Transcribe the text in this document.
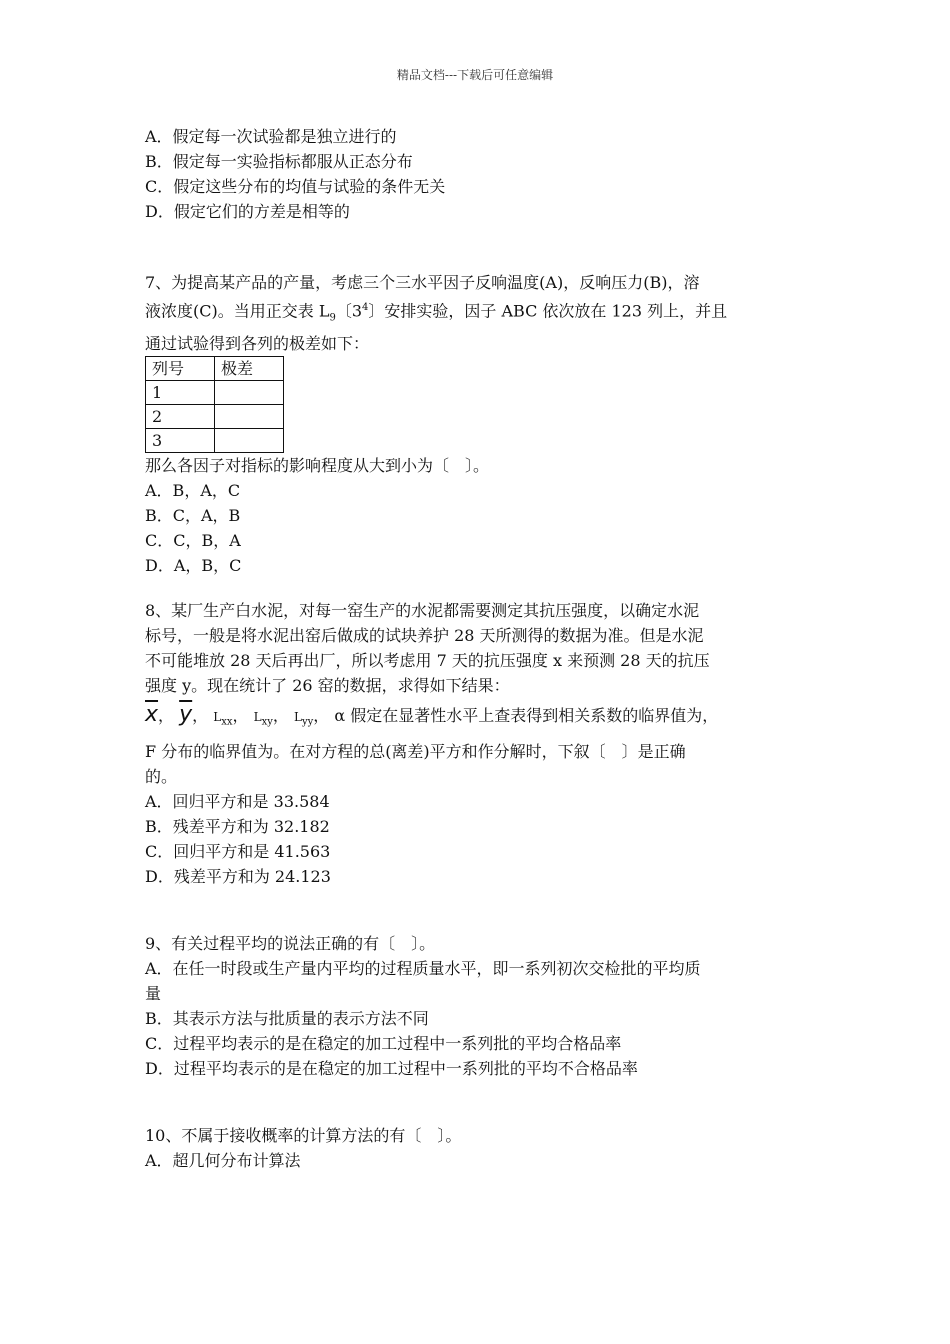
精品文档---下载后可任意编辑
A．假定每一次试验都是独立进行的
B．假定每一实验指标都服从正态分布
C．假定这些分布的均值与试验的条件无关
D．假定它们的方差是相等的
7、为提高某产品的产量，考虑三个三水平因子反响温度(A)，反响压力(B)，溶
液浓度(C)。当用正交表 $L_9$〔$3^4$〕安排实验，因子 ABC 依次放在 123 列上，并且
通过试验得到各列的极差如下：
列号	极差
1	
2	
3	
那么各因子对指标的影响程度从大到小为〔　〕。
A．B，A，C
B．C，A，B
C．C，B，A
D．A，B，C
8、某厂生产白水泥，对每一窑生产的水泥都需要测定其抗压强度，以确定水泥
标号，一般是将水泥出窑后做成的试块养护 28 天所测得的数据为准。但是水泥
不可能堆放 28 天后再出厂，所以考虑用 7 天的抗压强度 x 来预测 28 天的抗压
强度 y。现在统计了 26 窑的数据，求得如下结果：
$\overline{x}$， $\overline{y}$， $L_{xx}$， $L_{xy}$， $L_{yy}$， α 假定在显著性水平上查表得到相关系数的临界值为，
F 分布的临界值为。在对方程的总(离差)平方和作分解时，下叙〔　〕是正确
的。
A．回归平方和是 33.584
B．残差平方和为 32.182
C．回归平方和是 41.563
D．残差平方和为 24.123
9、有关过程平均的说法正确的有〔　〕。
A．在任一时段或生产量内平均的过程质量水平，即一系列初次交检批的平均质
量
B．其表示方法与批质量的表示方法不同
C．过程平均表示的是在稳定的加工过程中一系列批的平均合格品率
D．过程平均表示的是在稳定的加工过程中一系列批的平均不合格品率
10、不属于接收概率的计算方法的有〔　〕。
A．超几何分布计算法
